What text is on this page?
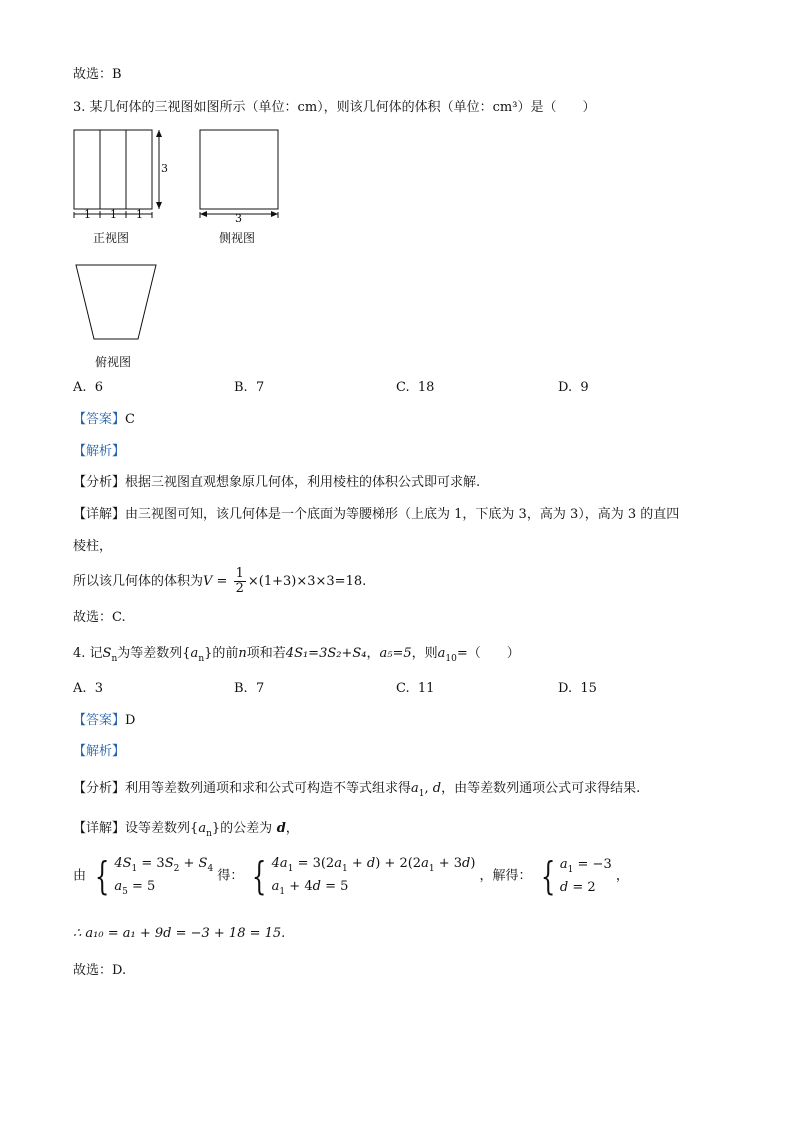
故选：B
3. 某几何体的三视图如图所示（单位：cm），则该几何体的体积（单位：cm³）是（　　）
3
1 1 1	3
正视图	侧视图
俯视图
A. 6	B. 7	C. 18	D. 9
【答案】C
【解析】
【分析】根据三视图直观想象原几何体，利用棱柱的体积公式即可求解.
【详解】由三视图可知，该几何体是一个底面为等腰梯形（上底为 1，下底为 3，高为 3），高为 3 的直四
棱柱，
所以该几何体的体积为$V = \frac{1}{2} \times(1+3)\times 3\times 3=18$.
故选：C.
4. 记$S_n$为等差数列$\{a_n\}$的前n项和若4S₁=3S₂+S₄，a₅=5，则$a_{10}=$（　　）
A. 3	B. 7	C. 11	D. 15
【答案】D
【解析】
【分析】利用等差数列通项和求和公式可构造不等式组求得$a_1$, d，由等差数列通项公式可求得结果.
【详解】设等差数列$\{a_n\}$的公差为 d，
由 { $4S_1 = 3S_2 + S_4$
$a_5 = 5$
得： { $4a_1 = 3(2a_1 + d) + 2(2a_1 + 3d)$
$a_1 + 4d = 5$
，解得： { $a_1 = -3$
d = 2
，
∴ a₁₀ = a₁ + 9d = −3 + 18 = 15.
故选：D.
